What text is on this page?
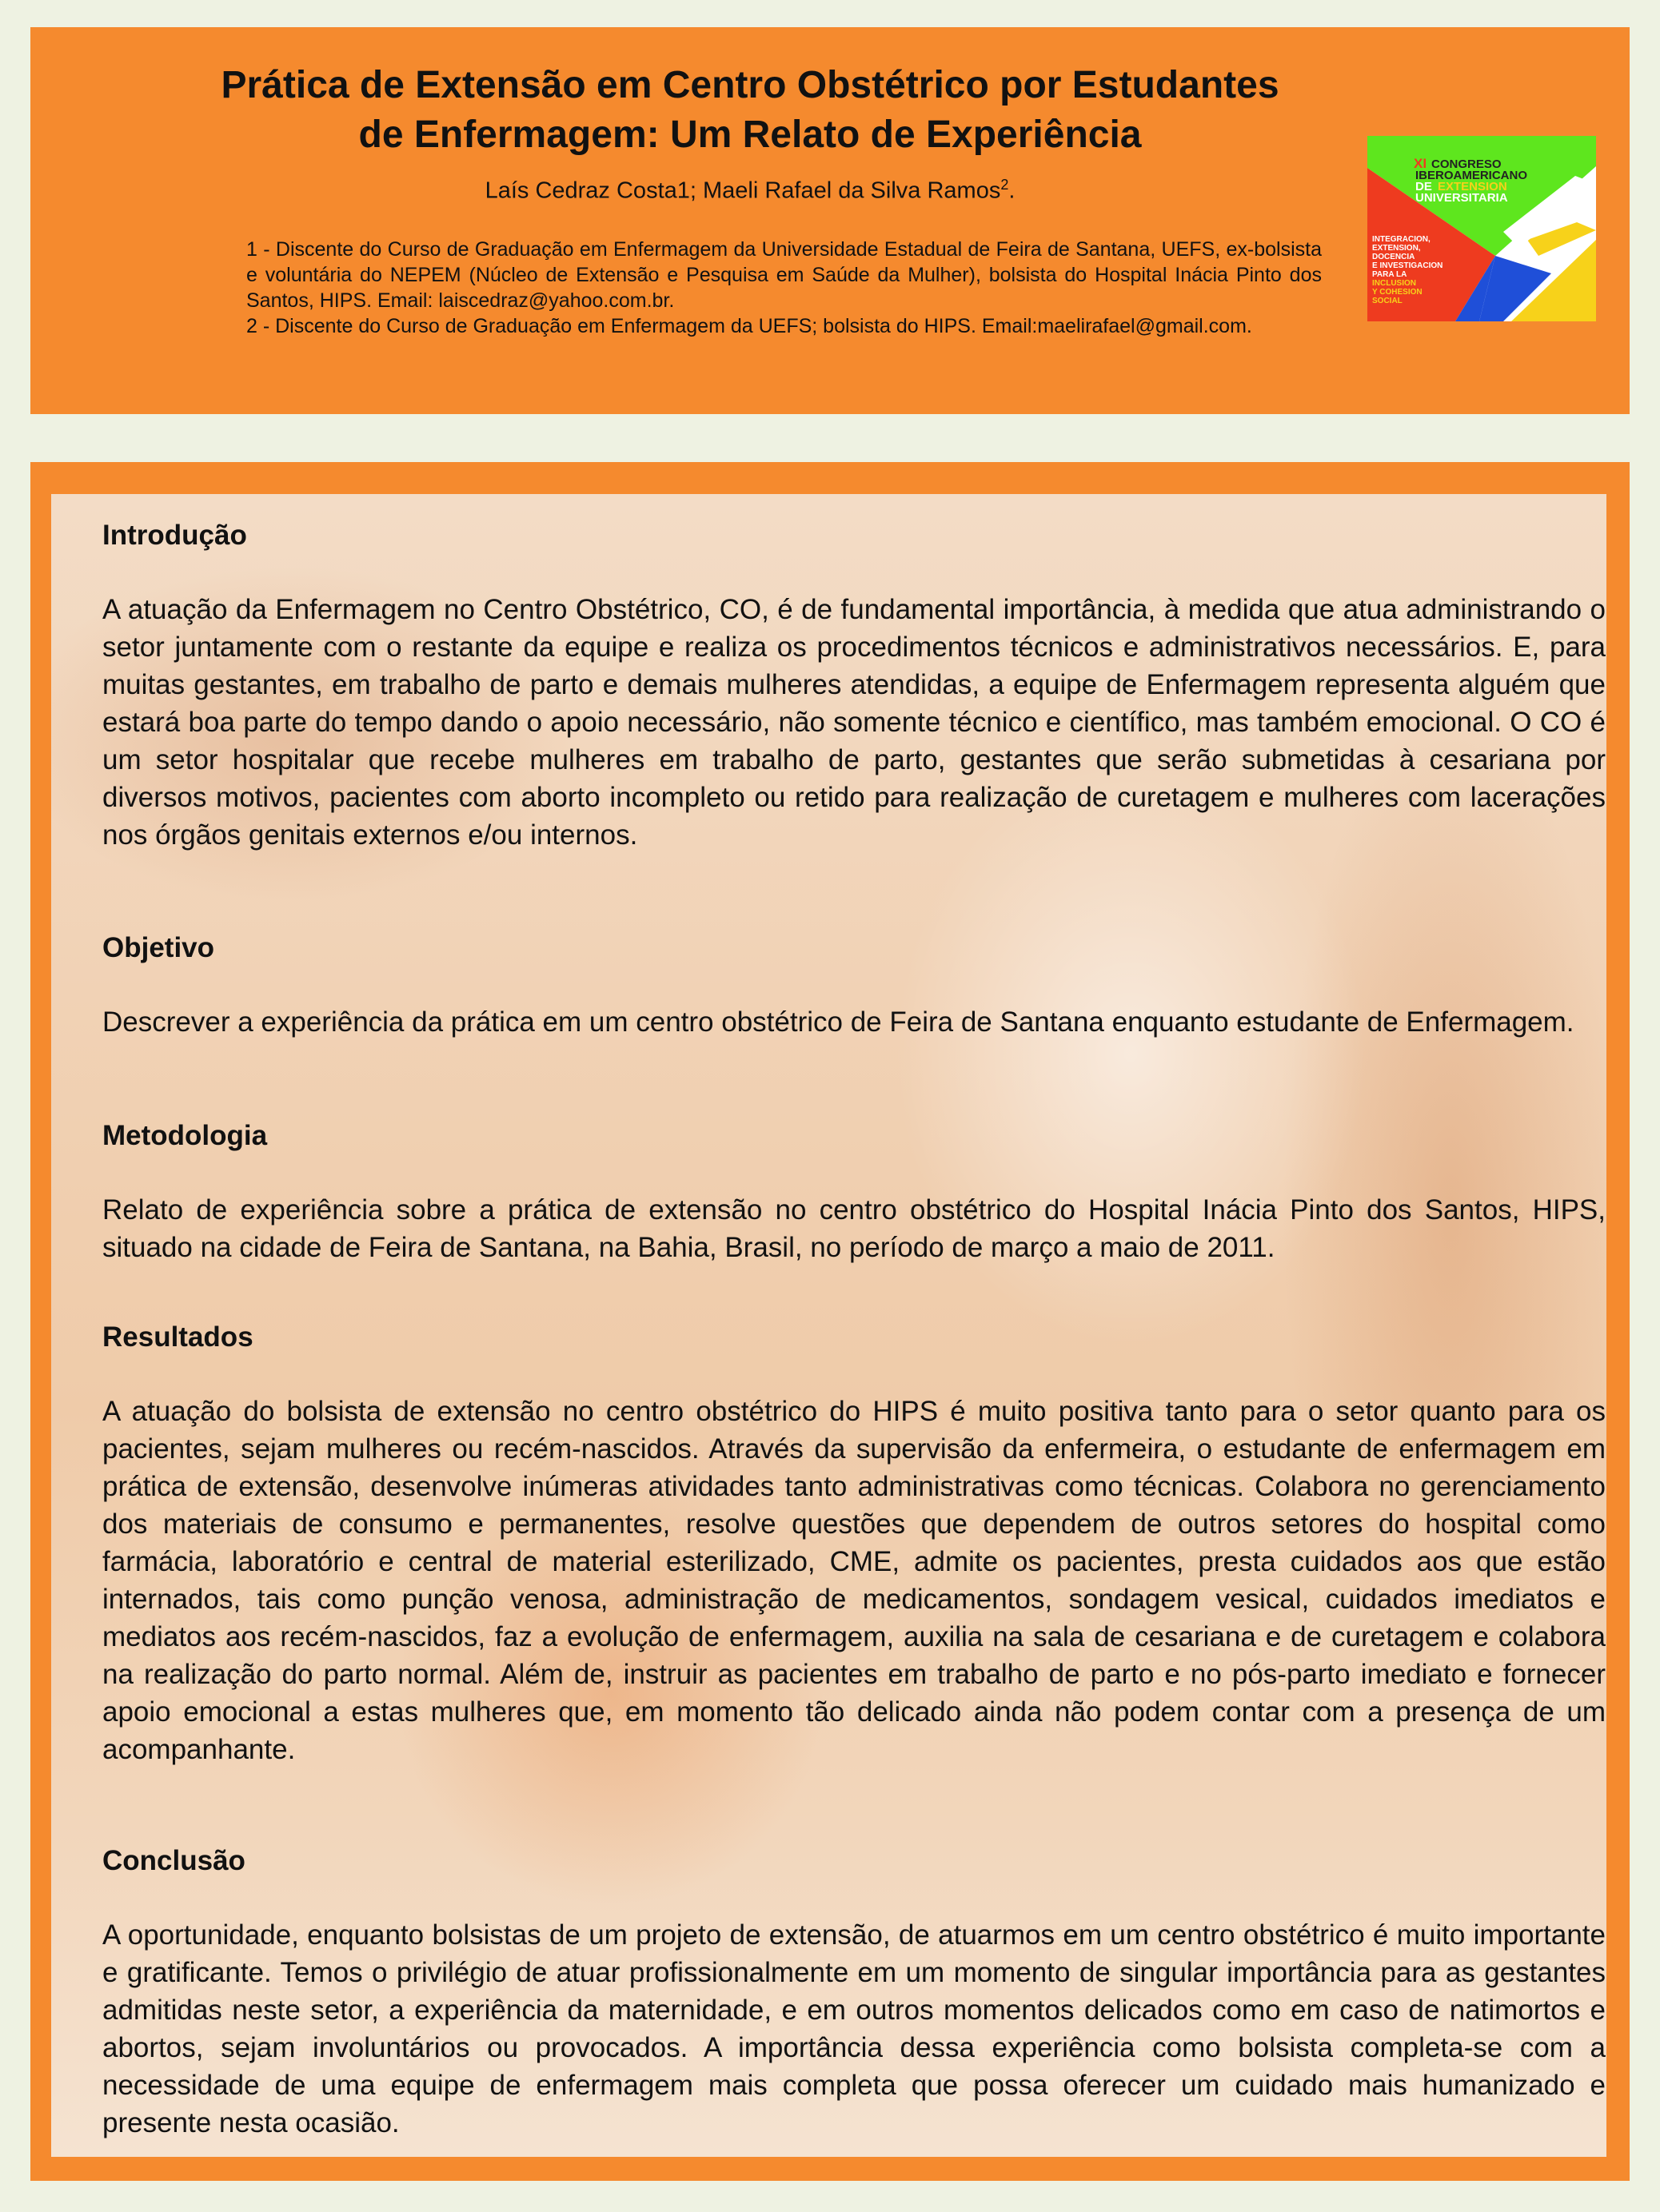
Prática de Extensão em Centro Obstétrico por Estudantes
de Enfermagem: Um Relato de Experiência
Laís Cedraz Costa1; Maeli Rafael da Silva Ramos$^2$.

1 - Discente do Curso de Graduação em Enfermagem da Universidade Estadual de Feira de Santana, UEFS, ex-bolsista e voluntária do NEPEM (Núcleo de Extensão e Pesquisa em Saúde da Mulher), bolsista do Hospital Inácia Pinto dos Santos, HIPS. Email: laiscedraz@yahoo.com.br.

2 - Discente do Curso de Graduação em Enfermagem da UEFS; bolsista do HIPS. Email:maelirafael@gmail.com.

XI CONGRESO
IBEROAMERICANO
DE EXTENSION
UNIVERSITARIA
INTEGRACION,
EXTENSION,
DOCENCIA
E INVESTIGACION
PARA LA
INCLUSION
Y COHESION
SOCIAL
Introdução

A atuação da Enfermagem no Centro Obstétrico, CO, é de fundamental importância, à medida que atua administrando o setor juntamente com o restante da equipe e realiza os procedimentos técnicos e administrativos necessários. E, para muitas gestantes, em trabalho de parto e demais mulheres atendidas, a equipe de Enfermagem representa alguém que estará boa parte do tempo dando o apoio necessário, não somente técnico e científico, mas também emocional. O CO é um setor hospitalar que recebe mulheres em trabalho de parto, gestantes que serão submetidas à cesariana por diversos motivos, pacientes com aborto incompleto ou retido para realização de curetagem e mulheres com lacerações nos órgãos genitais externos e/ou internos.

Objetivo

Descrever a experiência da prática em um centro obstétrico de Feira de Santana enquanto estudante de Enfermagem.

Metodologia

Relato de experiência sobre a prática de extensão no centro obstétrico do Hospital Inácia Pinto dos Santos, HIPS, situado na cidade de Feira de Santana, na Bahia, Brasil, no período de março a maio de 2011.

Resultados

A atuação do bolsista de extensão no centro obstétrico do HIPS é muito positiva tanto para o setor quanto para os pacientes, sejam mulheres ou recém-nascidos. Através da supervisão da enfermeira, o estudante de enfermagem em prática de extensão, desenvolve inúmeras atividades tanto administrativas como técnicas. Colabora no gerenciamento dos materiais de consumo e permanentes, resolve questões que dependem de outros setores do hospital como farmácia, laboratório e central de material esterilizado, CME, admite os pacientes, presta cuidados aos que estão internados, tais como punção venosa, administração de medicamentos, sondagem vesical, cuidados imediatos e mediatos aos recém-nascidos, faz a evolução de enfermagem, auxilia na sala de cesariana e de curetagem e colabora na realização do parto normal. Além de, instruir as pacientes em trabalho de parto e no pós-parto imediato e fornecer apoio emocional a estas mulheres que, em momento tão delicado ainda não podem contar com a presença de um acompanhante.

Conclusão

A oportunidade, enquanto bolsistas de um projeto de extensão, de atuarmos em um centro obstétrico é muito importante e gratificante. Temos o privilégio de atuar profissionalmente em um momento de singular importância para as gestantes admitidas neste setor, a experiência da maternidade, e em outros momentos delicados como em caso de natimortos e abortos, sejam involuntários ou provocados. A importância dessa experiência como bolsista completa-se com a necessidade de uma equipe de enfermagem mais completa que possa oferecer um cuidado mais humanizado e presente nesta ocasião.
